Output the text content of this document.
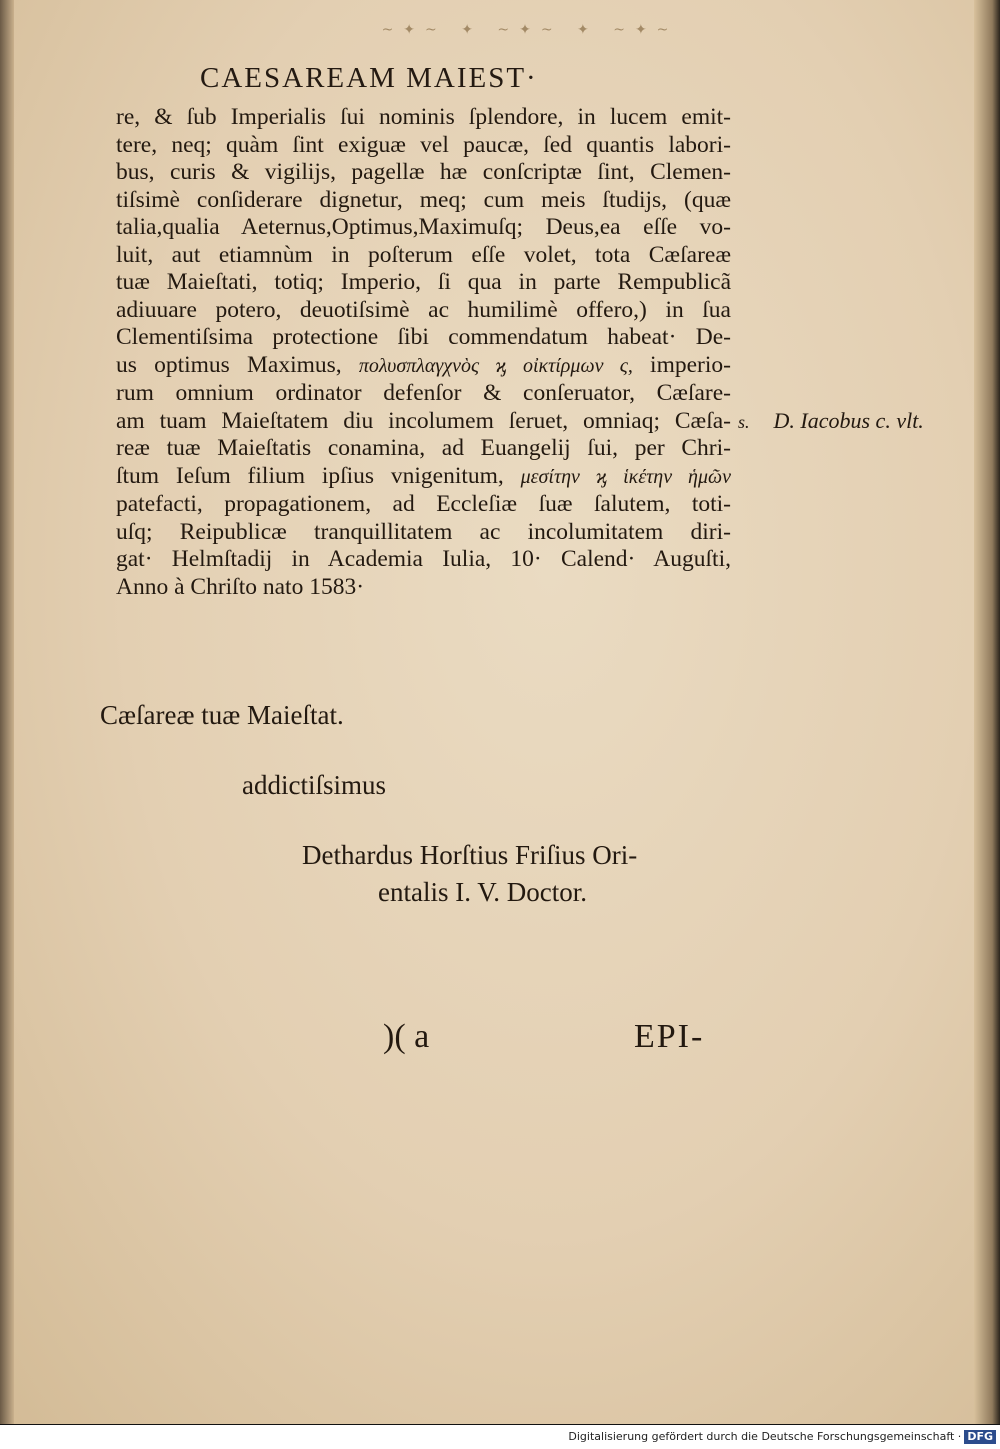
~✦~ ✦ ~✦~ ✦ ~✦~
CAESAREAM MAIEST·
re, & ſub Imperialis ſui nominis ſplendore, in lucem emit-
tere, neq; quàm ſint exiguæ vel paucæ, ſed quantis labori-
bus, curis & vigilijs, pagellæ hæ conſcriptæ ſint, Clemen-
tiſsimè conſiderare dignetur, meq; cum meis ſtudijs, (quæ
talia,qualia Aeternus,Optimus,Maximuſq; Deus,ea eſſe vo-
luit, aut etiamnùm in poſterum eſſe volet, tota Cæſareæ
tuæ Maieſtati, totiq; Imperio, ſi qua in parte Rempublicã
adiuuare potero, deuotiſsimè ac humilimè offero,) in ſua
Clementiſsima protectione ſibi commendatum habeat· De-
us optimus Maximus, πολυσπλαγχνὸς ϗ οἰκτίρμων ς, imperio-
rum omnium ordinator defenſor & conſeruator, Cæſare-
am tuam Maieſtatem diu incolumem ſeruet, omniaq; Cæſa-
reæ tuæ Maieſtatis conamina, ad Euangelij ſui, per Chri-
ſtum Ieſum filium ipſius vnigenitum, μεσίτην ϗ ἱκέτην ἡμῶν
patefacti, propagationem, ad Eccleſiæ ſuæ ſalutem, toti-
uſq; Reipublicæ tranquillitatem ac incolumitatem diri-
gat· Helmſtadij in Academia Iulia, 10· Calend· Auguſti,
Anno à Chriſto nato 1583·
s. D. Iacobus c. vlt.
Cæſareæ tuæ Maieſtat.
addictiſsimus
Dethardus Horſtius Friſius Ori-
entalis I. V. Doctor.
)( a	EPI-
Digitalisierung gefördert durch die Deutsche Forschungsgemeinschaft · DFG
